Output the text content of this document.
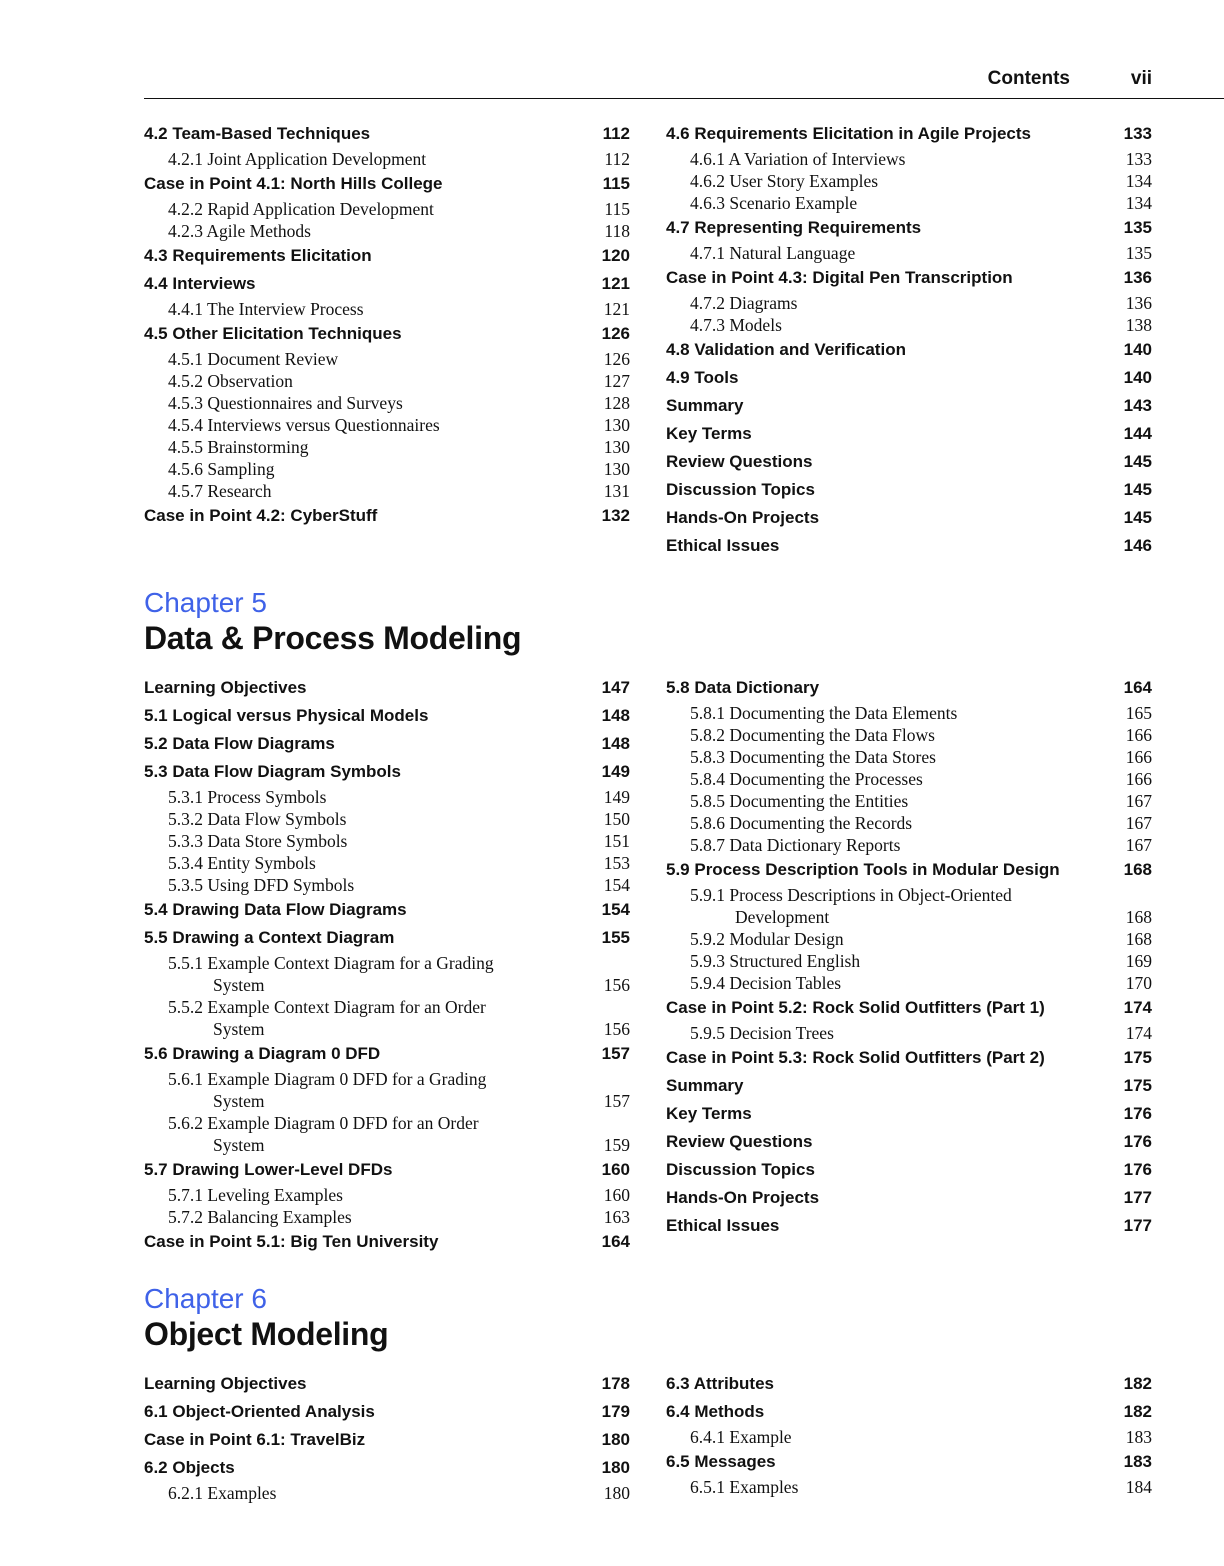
Contents	vii
4.2 Team-Based Techniques	112
4.2.1 Joint Application Development	112
Case in Point 4.1: North Hills College	115
4.2.2 Rapid Application Development	115
4.2.3 Agile Methods	118
4.3 Requirements Elicitation	120
4.4 Interviews	121
4.4.1 The Interview Process	121
4.5 Other Elicitation Techniques	126
4.5.1 Document Review	126
4.5.2 Observation	127
4.5.3 Questionnaires and Surveys	128
4.5.4 Interviews versus Questionnaires	130
4.5.5 Brainstorming	130
4.5.6 Sampling	130
4.5.7 Research	131
Case in Point 4.2: CyberStuff	132
4.6 Requirements Elicitation in Agile Projects	133
4.6.1 A Variation of Interviews	133
4.6.2 User Story Examples	134
4.6.3 Scenario Example	134
4.7 Representing Requirements	135
4.7.1 Natural Language	135
Case in Point 4.3: Digital Pen Transcription	136
4.7.2 Diagrams	136
4.7.3 Models	138
4.8 Validation and Verification	140
4.9 Tools	140
Summary	143
Key Terms	144
Review Questions	145
Discussion Topics	145
Hands-On Projects	145
Ethical Issues	146
Chapter 5
Data & Process Modeling
Learning Objectives	147
5.1 Logical versus Physical Models	148
5.2 Data Flow Diagrams	148
5.3 Data Flow Diagram Symbols	149
5.3.1 Process Symbols	149
5.3.2 Data Flow Symbols	150
5.3.3 Data Store Symbols	151
5.3.4 Entity Symbols	153
5.3.5 Using DFD Symbols	154
5.4 Drawing Data Flow Diagrams	154
5.5 Drawing a Context Diagram	155
5.5.1 Example Context Diagram for a Grading
System	156
5.5.2 Example Context Diagram for an Order
System	156
5.6 Drawing a Diagram 0 DFD	157
5.6.1 Example Diagram 0 DFD for a Grading
System	157
5.6.2 Example Diagram 0 DFD for an Order
System	159
5.7 Drawing Lower-Level DFDs	160
5.7.1 Leveling Examples	160
5.7.2 Balancing Examples	163
Case in Point 5.1: Big Ten University	164
5.8 Data Dictionary	164
5.8.1 Documenting the Data Elements	165
5.8.2 Documenting the Data Flows	166
5.8.3 Documenting the Data Stores	166
5.8.4 Documenting the Processes	166
5.8.5 Documenting the Entities	167
5.8.6 Documenting the Records	167
5.8.7 Data Dictionary Reports	167
5.9 Process Description Tools in Modular Design	168
5.9.1 Process Descriptions in Object-Oriented
Development	168
5.9.2 Modular Design	168
5.9.3 Structured English	169
5.9.4 Decision Tables	170
Case in Point 5.2: Rock Solid Outfitters (Part 1)	174
5.9.5 Decision Trees	174
Case in Point 5.3: Rock Solid Outfitters (Part 2)	175
Summary	175
Key Terms	176
Review Questions	176
Discussion Topics	176
Hands-On Projects	177
Ethical Issues	177
Chapter 6
Object Modeling
Learning Objectives	178
6.1 Object-Oriented Analysis	179
Case in Point 6.1: TravelBiz	180
6.2 Objects	180
6.2.1 Examples	180
6.3 Attributes	182
6.4 Methods	182
6.4.1 Example	183
6.5 Messages	183
6.5.1 Examples	184
